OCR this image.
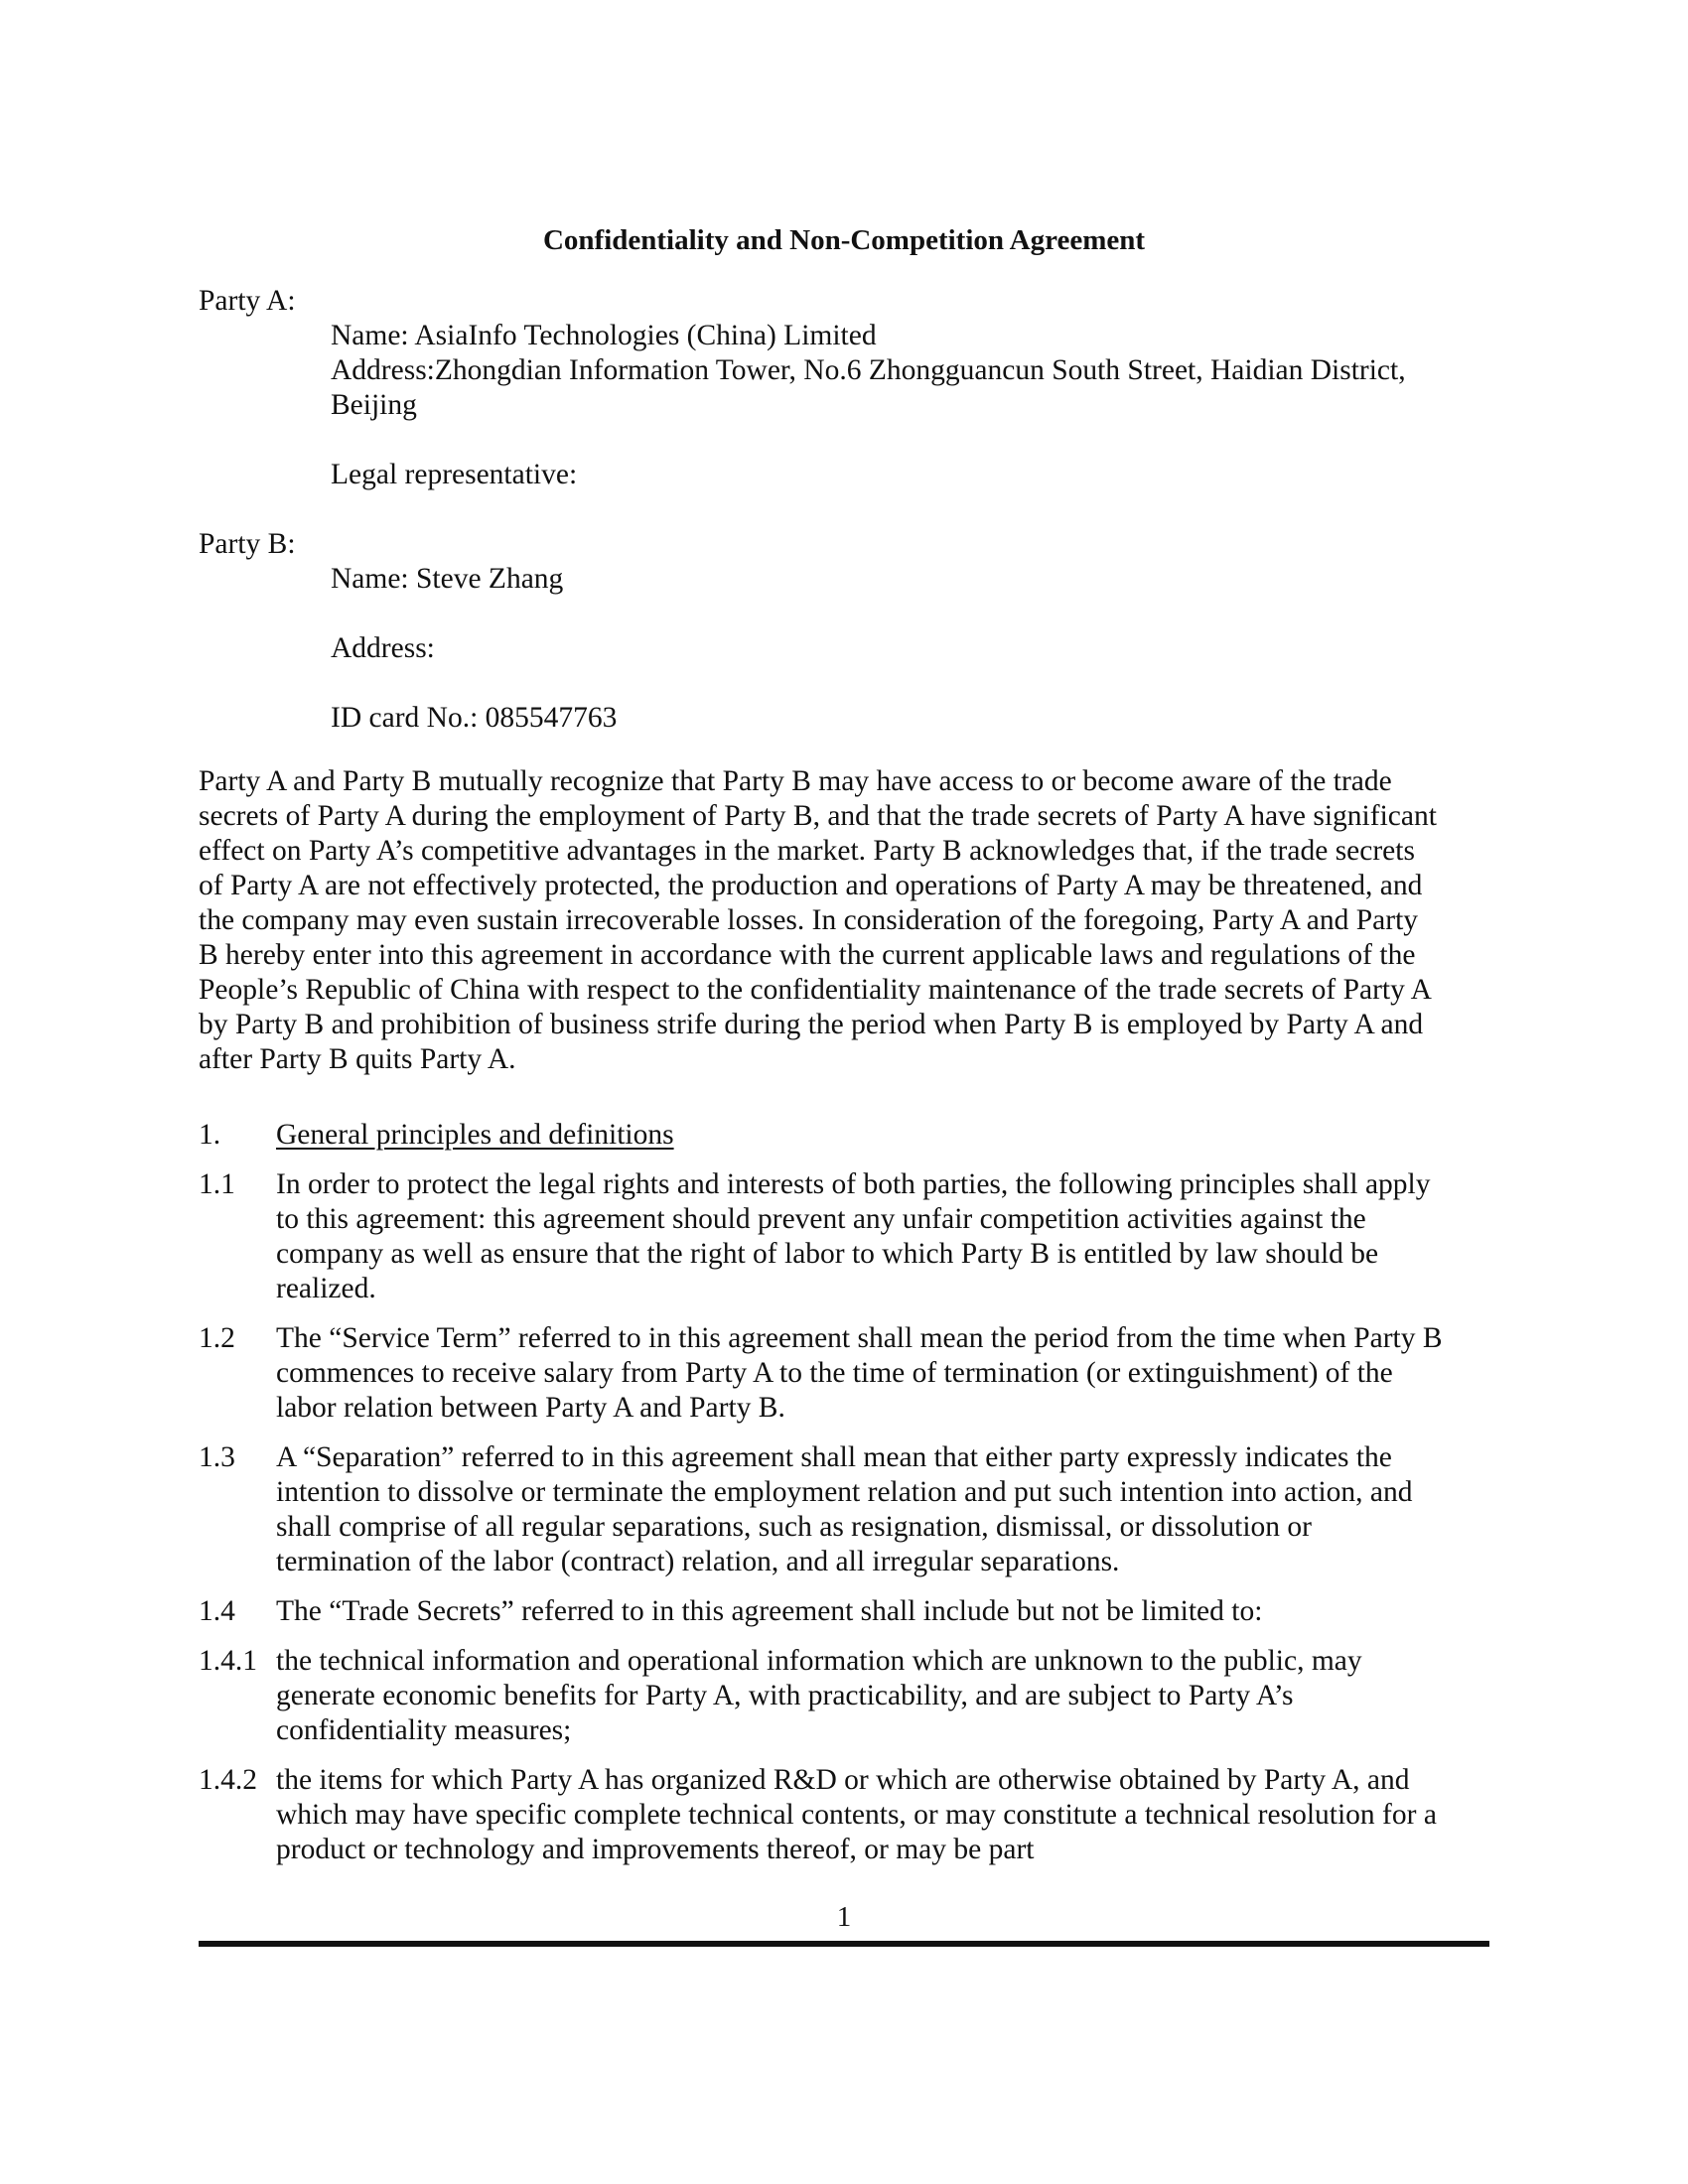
Confidentiality and Non-Competition Agreement

Party A:

Name: AsiaInfo Technologies (China) Limited

Address:Zhongdian Information Tower, No.6 Zhongguancun South Street, Haidian District,

Beijing

Legal representative:

Party B:

Name: Steve Zhang

Address:

ID card No.: 085547763

Party A and Party B mutually recognize that Party B may have access to or become aware of the trade
secrets of Party A during the employment of Party B, and that the trade secrets of Party A have significant
effect on Party A’s competitive advantages in the market. Party B acknowledges that, if the trade secrets
of Party A are not effectively protected, the production and operations of Party A may be threatened, and
the company may even sustain irrecoverable losses. In consideration of the foregoing, Party A and Party
B hereby enter into this agreement in accordance with the current applicable laws and regulations of the
People’s Republic of China with respect to the confidentiality maintenance of the trade secrets of Party A
by Party B and prohibition of business strife during the period when Party B is employed by Party A and
after Party B quits Party A.
1. General principles and definitions
1.1 In order to protect the legal rights and interests of both parties, the following principles shall apply
to this agreement: this agreement should prevent any unfair competition activities against the
company as well as ensure that the right of labor to which Party B is entitled by law should be
realized.
1.2 The “Service Term” referred to in this agreement shall mean the period from the time when Party B
commences to receive salary from Party A to the time of termination (or extinguishment) of the
labor relation between Party A and Party B.
1.3 A “Separation” referred to in this agreement shall mean that either party expressly indicates the
intention to dissolve or terminate the employment relation and put such intention into action, and
shall comprise of all regular separations, such as resignation, dismissal, or dissolution or
termination of the labor (contract) relation, and all irregular separations.
1.4 The “Trade Secrets” referred to in this agreement shall include but not be limited to:
1.4.1 the technical information and operational information which are unknown to the public, may
generate economic benefits for Party A, with practicability, and are subject to Party A’s
confidentiality measures;
1.4.2 the items for which Party A has organized R&D or which are otherwise obtained by Party A, and
which may have specific complete technical contents, or may constitute a technical resolution for a
product or technology and improvements thereof, or may be part

1
